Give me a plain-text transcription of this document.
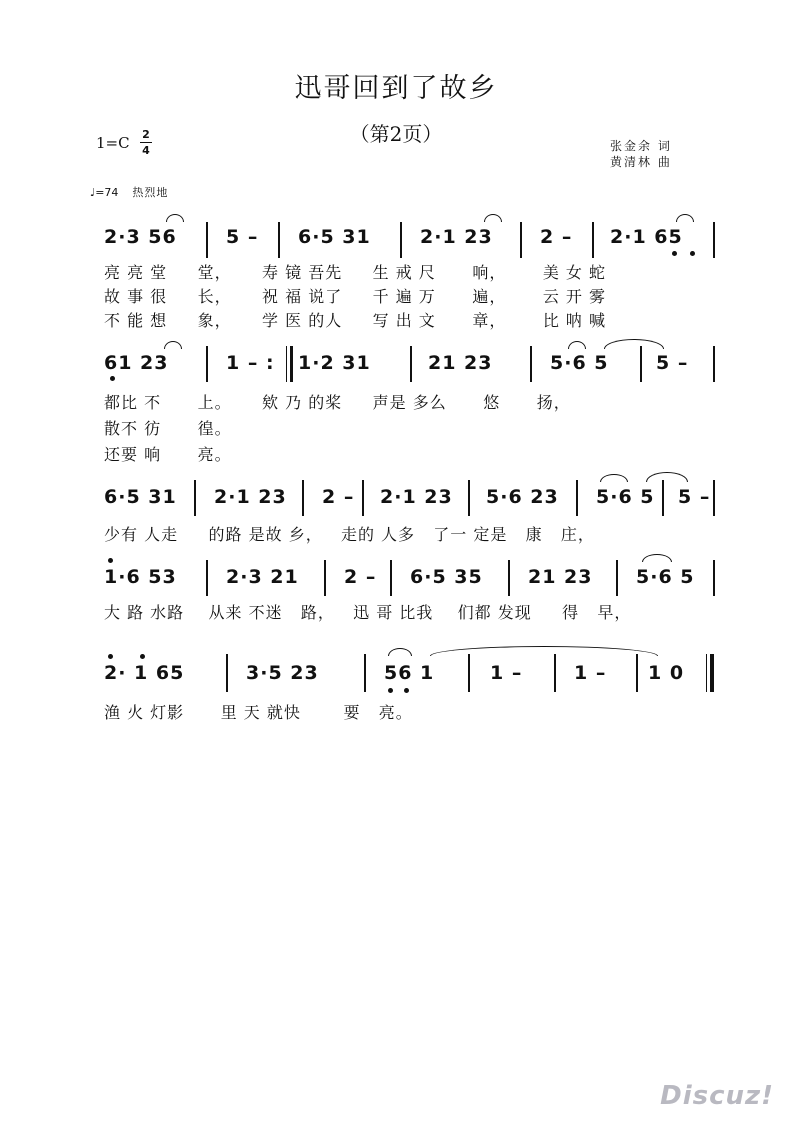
迅哥回到了故乡
（第2页）
1=C 2
4	张金余 词
黄清林 曲
♩=74 热烈地
2·3 56	5 – 6·5 31	2·1 23 2 – 2·1 65
亮 亮 堂     堂，     寿 镜 吾先     生 戒 尺      响，      美 女 蛇
故 事 很     长，     祝 福 说了     千 遍 万      遍，      云 开 雾
不 能 想     象，     学 医 的人     写 出 文      章，      比 呐 喊
61 23	1 – : 1·2 31	21 23	5·6 5	5 –
都比 不      上。     欸 乃 的桨     声是 多么      悠      扬，
散不 彷      徨。
还要 响      亮。
6·5 31 2·1 23 2 – 2·1 23 5·6 23 5·6 5 5 –
少有 人走     的路 是故 乡，   走的 人多   了一 定是   康   庄，
1·6 53	2·3 21 2 – 6·5 35 21 23 5·6 5
大 路 水路    从来 不迷   路，   迅 哥 比我    们都 发现     得   早，
2· 1 65	3·5 23	56 1	1 –	1 – 1 0
渔 火 灯影      里 天 就快       要   亮。
Discuz!
